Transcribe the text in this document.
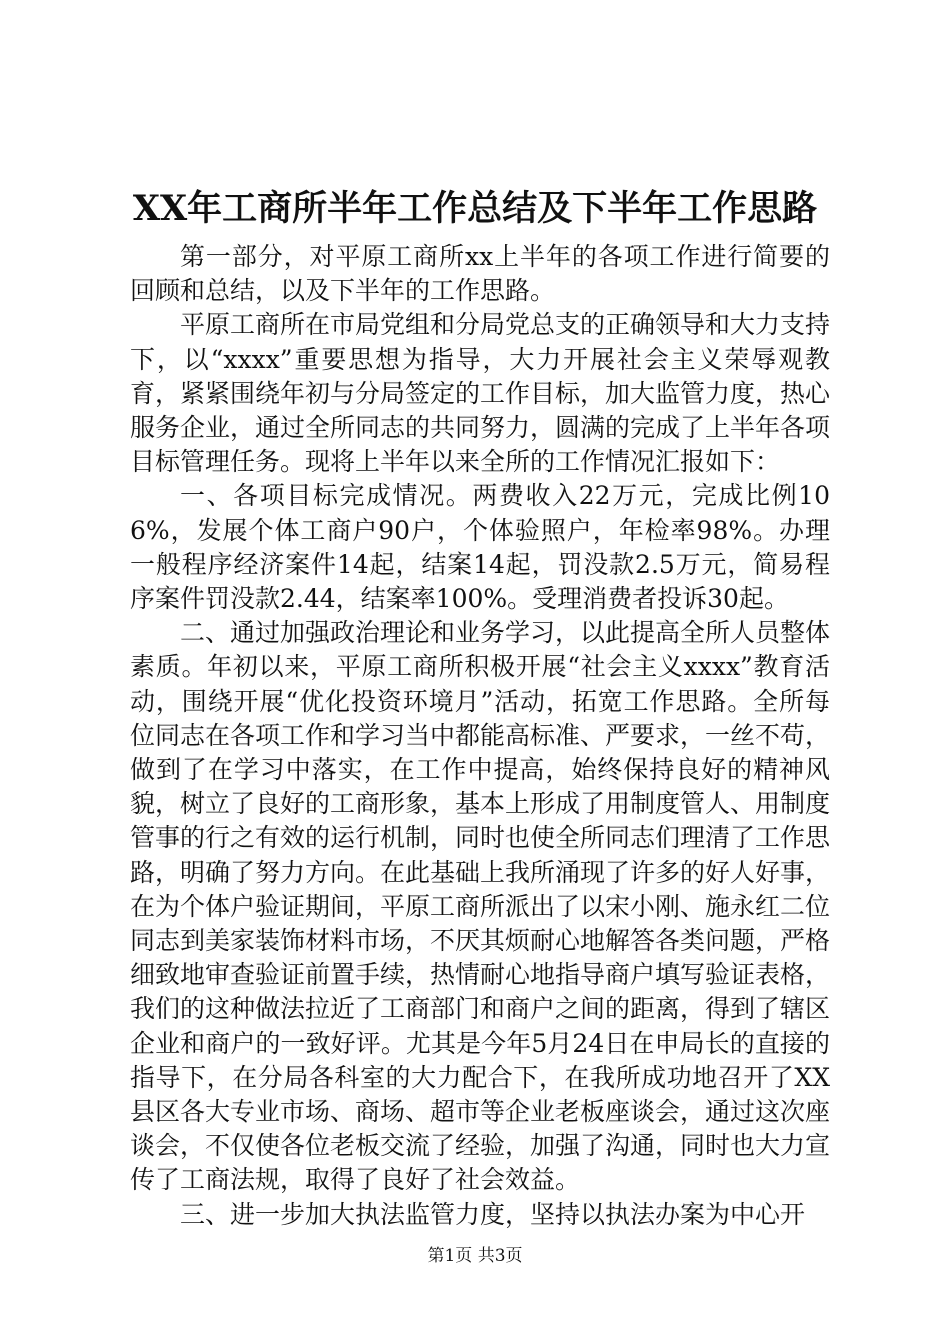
XX年工商所半年工作总结及下半年工作思路

第一部分，对平原工商所xx上半年的各项工作进行简要的回顾和总结，以及下半年的工作思路。

平原工商所在市局党组和分局党总支的正确领导和大力支持下，以“xxxx”重要思想为指导，大力开展社会主义荣辱观教育，紧紧围绕年初与分局签定的工作目标，加大监管力度，热心服务企业，通过全所同志的共同努力，圆满的完成了上半年各项目标管理任务。现将上半年以来全所的工作情况汇报如下：

一、各项目标完成情况。两费收入22万元，完成比例106%，发展个体工商户90户，个体验照户，年检率98%。办理一般程序经济案件14起，结案14起，罚没款2.5万元，简易程序案件罚没款2.44，结案率100%。受理消费者投诉30起。

二、通过加强政治理论和业务学习，以此提高全所人员整体素质。年初以来，平原工商所积极开展“社会主义xxxx”教育活动，围绕开展“优化投资环境月”活动，拓宽工作思路。全所每位同志在各项工作和学习当中都能高标准、严要求，一丝不苟，做到了在学习中落实，在工作中提高，始终保持良好的精神风貌，树立了良好的工商形象，基本上形成了用制度管人、用制度管事的行之有效的运行机制，同时也使全所同志们理清了工作思路，明确了努力方向。在此基础上我所涌现了许多的好人好事，在为个体户验证期间，平原工商所派出了以宋小刚、施永红二位同志到美家装饰材料市场，不厌其烦耐心地解答各类问题，严格细致地审查验证前置手续，热情耐心地指导商户填写验证表格，我们的这种做法拉近了工商部门和商户之间的距离，得到了辖区企业和商户的一致好评。尤其是今年5月24日在申局长的直接的指导下，在分局各科室的大力配合下，在我所成功地召开了XX县区各大专业市场、商场、超市等企业老板座谈会，通过这次座谈会，不仅使各位老板交流了经验，加强了沟通，同时也大力宣传了工商法规，取得了良好了社会效益。

三、进一步加大执法监管力度，坚持以执法办案为中心开

第1页 共3页
